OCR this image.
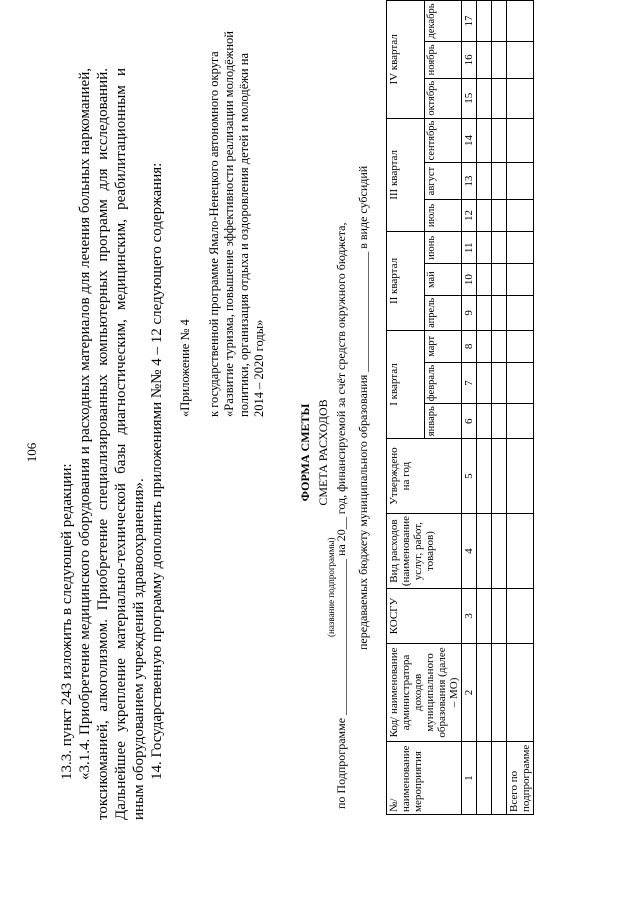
106

13.3. пункт 243 изложить в следующей редакции: «3.1.4. Приобретение медицинского оборудования и расходных материалов для лечения больных наркоманией, токсикоманией, алкоголизмом. Приобретение специализированных компьютерных программ для исследований. Дальнейшее укрепление материально-технической базы диагностическим, медицинским, реабилитационным и иным оборудованием учреждений здравоохранения». 14. Государственную программу дополнить приложениями №№ 4 – 12 следующего содержания: «Приложение № 4 к государственной программе Ямало-Ненецкого автономного округа «Развитие туризма, повышение эффективности реализации молодёжной политики, организация отдыха и оздоровления детей и молодёжи на 2014 – 2020 годы»

ФОРМА СМЕТЫ СМЕТА РАСХОДОВ
по Подпрограмме __________________________ на 20__ год, финансируемой за счёт средств окружного бюджета,
(название подпрограммы) передаваемых бюджету муниципального образования ____________________ в виде субсидий
№/ наименование мероприятия	Код/ наименование администратора доходов муниципального образования (далее – МО)	КОСГУ	Вид расходов (наименование услуг, работ, товаров)	Утверждено на год	I квартал			II квартал			III квартал			IV квартал		
					январь	февраль	март	апрель	май	июнь	июль	август	сентябрь	октябрь	ноябрь	декабрь
1	2	3	4	5	6	7	8	9	10	11	12	13	14	15	16	17

Всего по подпрограмме																
